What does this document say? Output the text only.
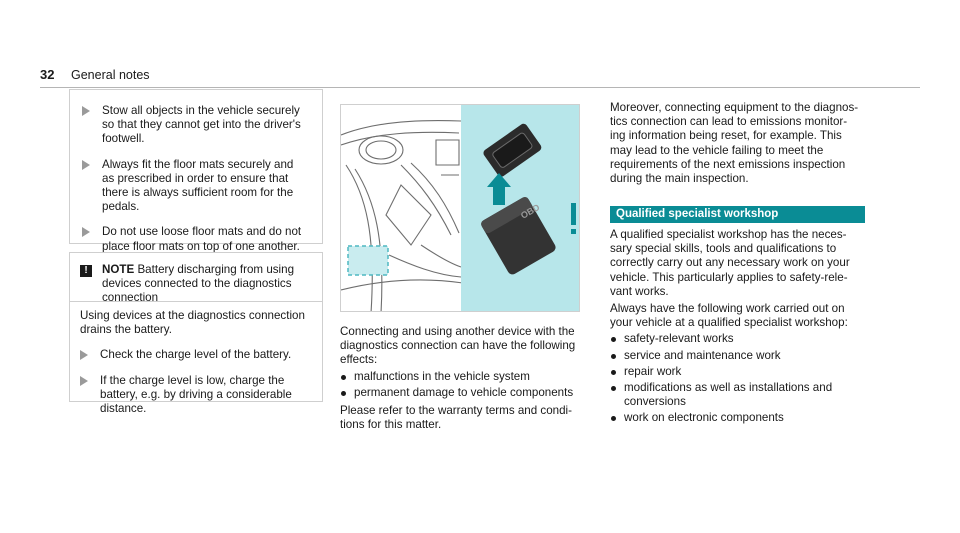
32 General notes
Stow all objects in the vehicle securely
so that they cannot get into the driver's
footwell.
Always fit the floor mats securely and
as prescribed in order to ensure that
there is always sufficient room for the
pedals.
Do not use loose floor mats and do not
place floor mats on top of one another.
!	NOTE Battery discharging from using
devices connected to the diagnostics
connection
Using devices at the diagnostics connection
drains the battery.
Check the charge level of the battery.
If the charge level is low, charge the
battery, e.g. by driving a considerable
distance.
OBD
Connecting and using another device with the
diagnostics connection can have the following
effects:
malfunctions in the vehicle system
permanent damage to vehicle components
Please refer to the warranty terms and condi-
tions for this matter.
Moreover, connecting equipment to the diagnos-
tics connection can lead to emissions monitor-
ing information being reset, for example. This
may lead to the vehicle failing to meet the
requirements of the next emissions inspection
during the main inspection.
Qualified specialist workshop
A qualified specialist workshop has the neces-
sary special skills, tools and qualifications to
correctly carry out any necessary work on your
vehicle. This particularly applies to safety-rele-
vant works.
Always have the following work carried out on
your vehicle at a qualified specialist workshop:
safety-relevant works
service and maintenance work
repair work
modifications as well as installations and
conversions
work on electronic components
